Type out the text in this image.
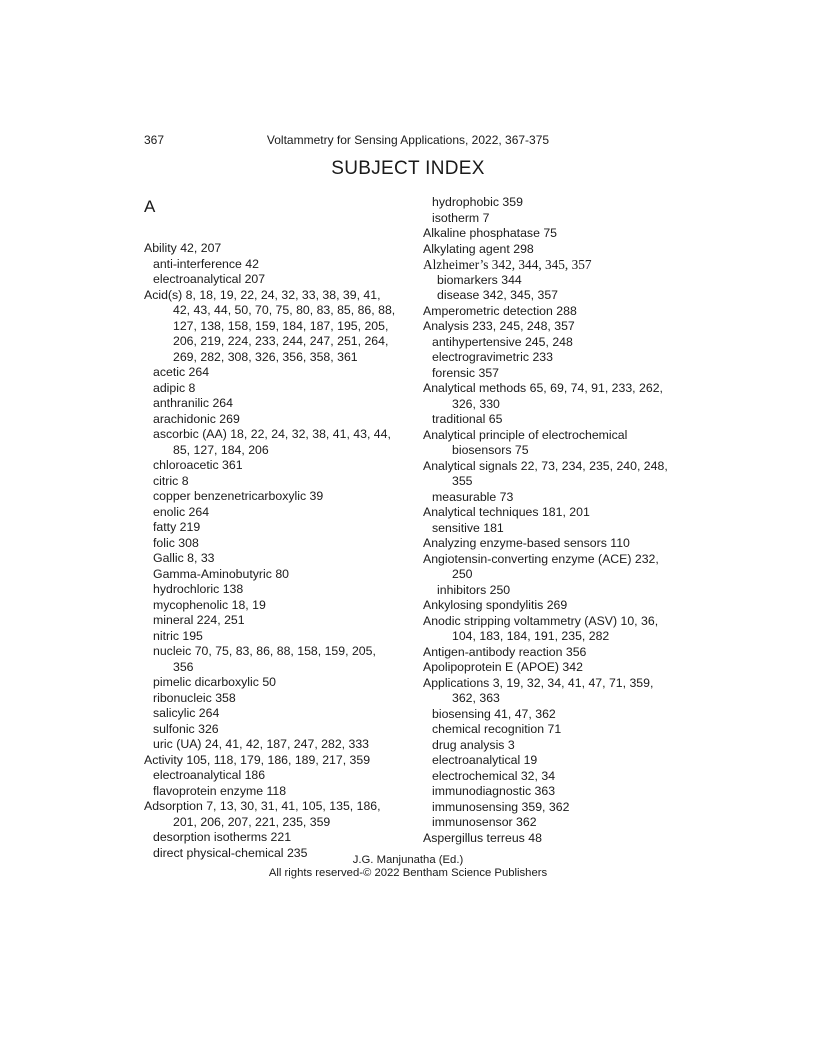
367	Voltammetry for Sensing Applications, 2022, 367-375
SUBJECT INDEX
A
Ability 42, 207
anti-interference 42
electroanalytical 207
Acid(s) 8, 18, 19, 22, 24, 32, 33, 38, 39, 41,
42, 43, 44, 50, 70, 75, 80, 83, 85, 86, 88,
127, 138, 158, 159, 184, 187, 195, 205,
206, 219, 224, 233, 244, 247, 251, 264,
269, 282, 308, 326, 356, 358, 361
acetic 264
adipic 8
anthranilic 264
arachidonic 269
ascorbic (AA) 18, 22, 24, 32, 38, 41, 43, 44,
85, 127, 184, 206
chloroacetic 361
citric 8
copper benzenetricarboxylic 39
enolic 264
fatty 219
folic 308
Gallic 8, 33
Gamma-Aminobutyric 80
hydrochloric 138
mycophenolic 18, 19
mineral 224, 251
nitric 195
nucleic 70, 75, 83, 86, 88, 158, 159, 205,
356
pimelic dicarboxylic 50
ribonucleic 358
salicylic 264
sulfonic 326
uric (UA) 24, 41, 42, 187, 247, 282, 333
Activity 105, 118, 179, 186, 189, 217, 359
electroanalytical 186
flavoprotein enzyme 118
Adsorption 7, 13, 30, 31, 41, 105, 135, 186,
201, 206, 207, 221, 235, 359
desorption isotherms 221
direct physical-chemical 235
hydrophobic 359
isotherm 7
Alkaline phosphatase 75
Alkylating agent 298
Alzheimer’s 342, 344, 345, 357
biomarkers 344
disease 342, 345, 357
Amperometric detection 288
Analysis 233, 245, 248, 357
antihypertensive 245, 248
electrogravimetric 233
forensic 357
Analytical methods 65, 69, 74, 91, 233, 262,
326, 330
traditional 65
Analytical principle of electrochemical
biosensors 75
Analytical signals 22, 73, 234, 235, 240, 248,
355
measurable 73
Analytical techniques 181, 201
sensitive 181
Analyzing enzyme-based sensors 110
Angiotensin-converting enzyme (ACE) 232,
250
inhibitors 250
Ankylosing spondylitis 269
Anodic stripping voltammetry (ASV) 10, 36,
104, 183, 184, 191, 235, 282
Antigen-antibody reaction 356
Apolipoprotein E (APOE) 342
Applications 3, 19, 32, 34, 41, 47, 71, 359,
362, 363
biosensing 41, 47, 362
chemical recognition 71
drug analysis 3
electroanalytical 19
electrochemical 32, 34
immunodiagnostic 363
immunosensing 359, 362
immunosensor 362
Aspergillus terreus 48
J.G. Manjunatha (Ed.)
All rights reserved-© 2022 Bentham Science Publishers
